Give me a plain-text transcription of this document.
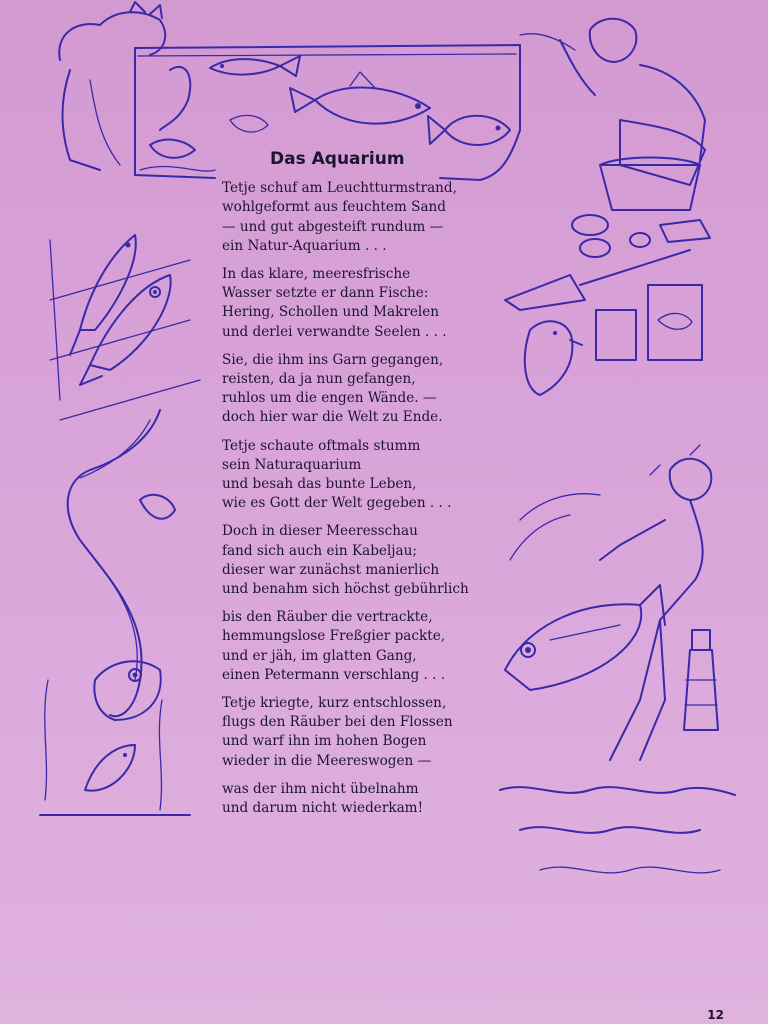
Das Aquarium
Tetje schuf am Leuchtturmstrand,
wohlgeformt aus feuchtem Sand
— und gut abgesteift rundum —
ein Natur-Aquarium . . .
In das klare, meeresfrische
Wasser setzte er dann Fische:
Hering, Schollen und Makrelen
und derlei verwandte Seelen . . .
Sie, die ihm ins Garn gegangen,
reisten, da ja nun gefangen,
ruhlos um die engen Wände. —
doch hier war die Welt zu Ende.
Tetje schaute oftmals stumm
sein Naturaquarium
und besah das bunte Leben,
wie es Gott der Welt gegeben . . .
Doch in dieser Meeresschau
fand sich auch ein Kabeljau;
dieser war zunächst manierlich
und benahm sich höchst gebührlich
bis den Räuber die vertrackte,
hemmungslose Freßgier packte,
und er jäh, im glatten Gang,
einen Petermann verschlang . . .
Tetje kriegte, kurz entschlossen,
flugs den Räuber bei den Flossen
und warf ihn im hohen Bogen
wieder in die Meereswogen —
was der ihm nicht übelnahm
und darum nicht wiederkam!
12
